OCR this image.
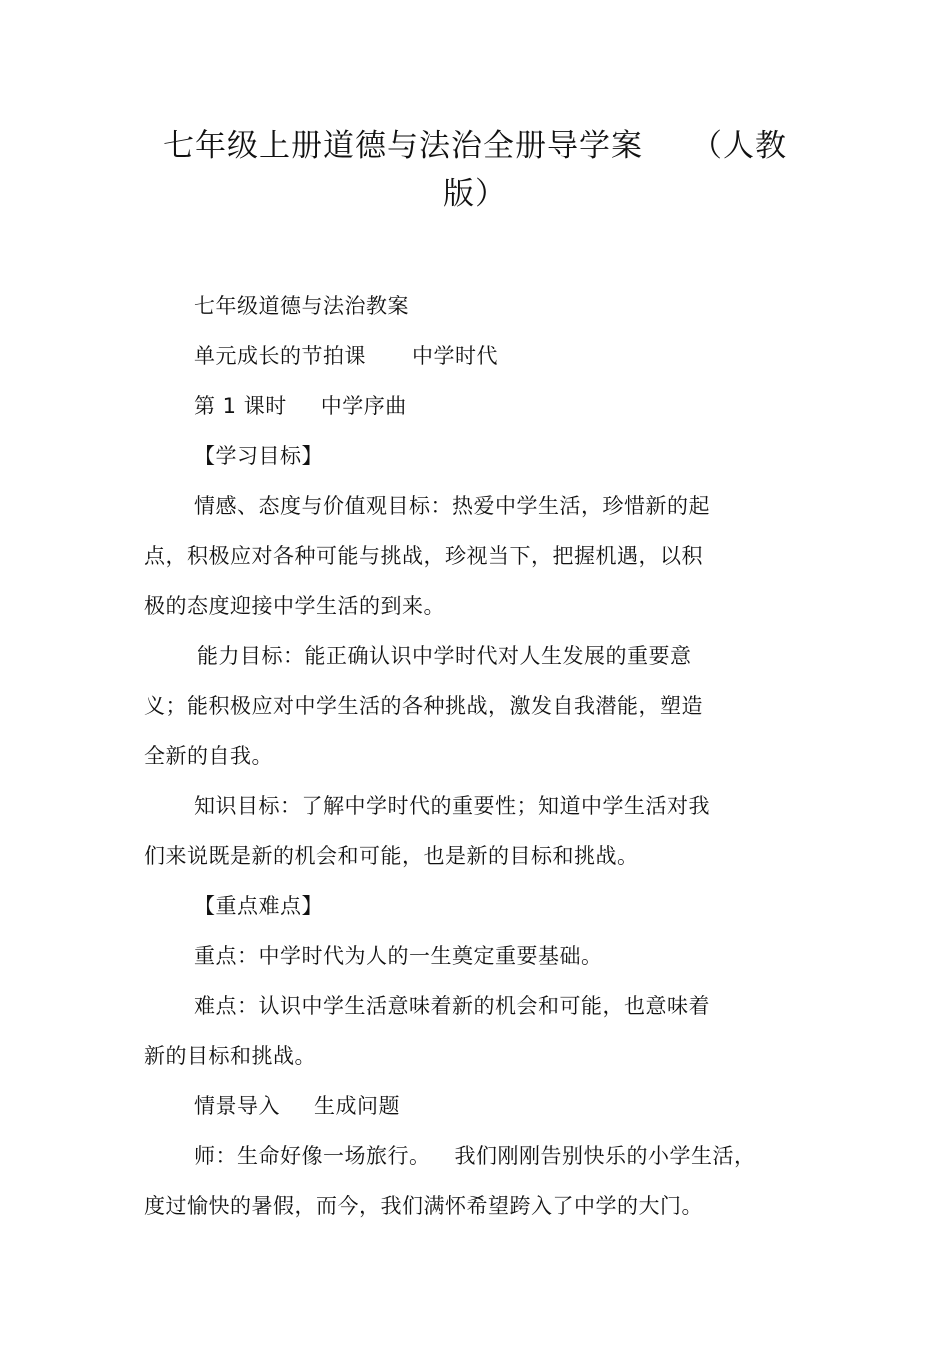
七年级上册道德与法治全册导学案 （人教
版）
七年级道德与法治教案
单元成长的节拍课 中学时代
第 1 课时 中学序曲
【学习目标】
情感、态度与价值观目标：热爱中学生活，珍惜新的起
点，积极应对各种可能与挑战，珍视当下，把握机遇，以积
极的态度迎接中学生活的到来。
能力目标：能正确认识中学时代对人生发展的重要意
义；能积极应对中学生活的各种挑战，激发自我潜能，塑造
全新的自我。
知识目标：了解中学时代的重要性；知道中学生活对我
们来说既是新的机会和可能，也是新的目标和挑战。
【重点难点】
重点：中学时代为人的一生奠定重要基础。
难点：认识中学生活意味着新的机会和可能，也意味着
新的目标和挑战。
情景导入 生成问题
师：生命好像一场旅行。 我们刚刚告别快乐的小学生活，
度过愉快的暑假，而今，我们满怀希望跨入了中学的大门。
